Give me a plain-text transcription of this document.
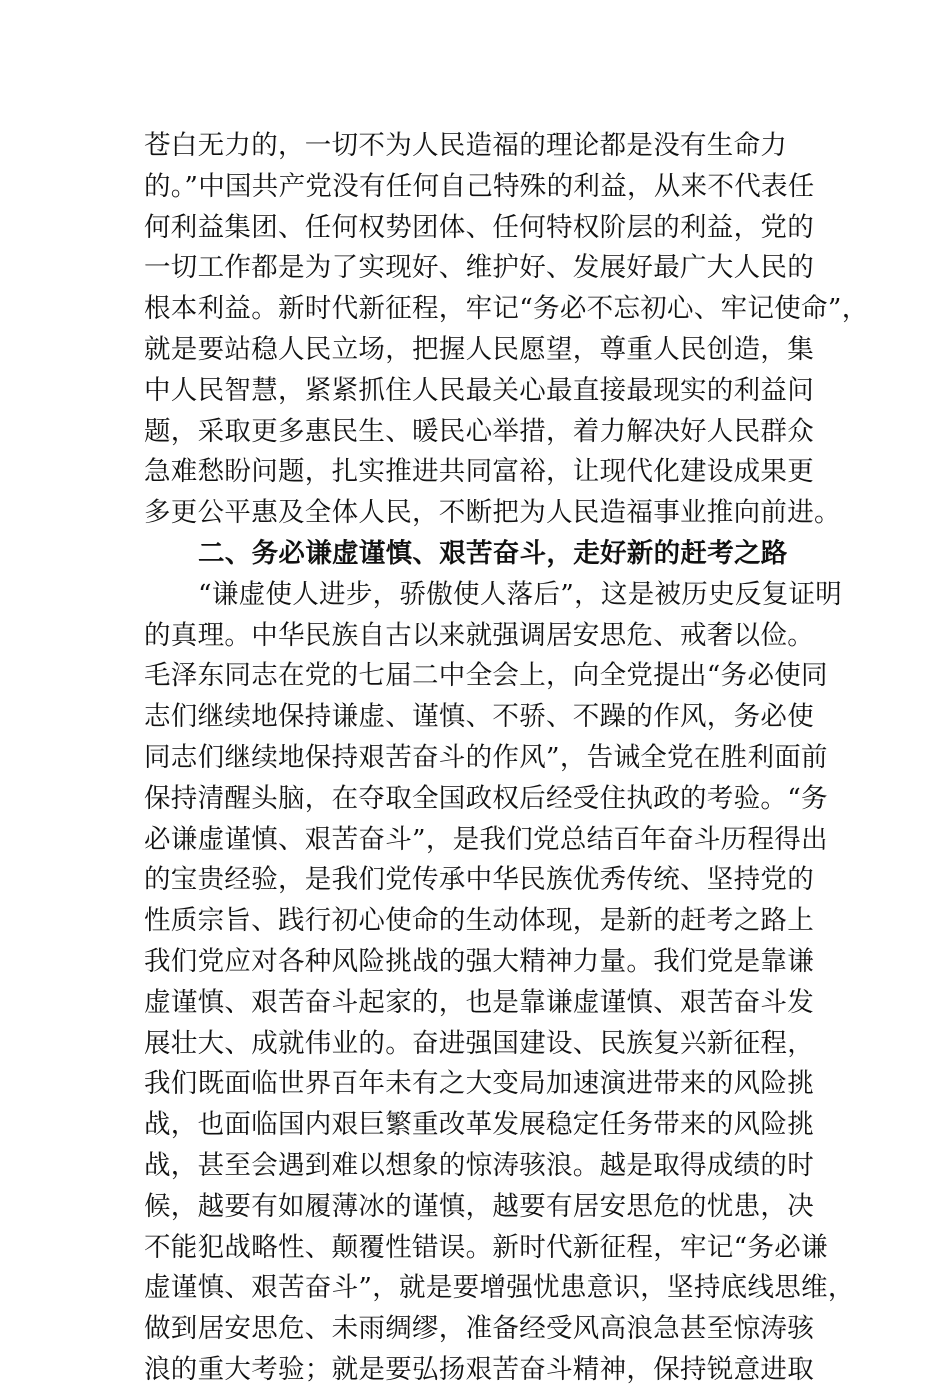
苍白无力的，一切不为人民造福的理论都是没有生命力
的。”中国共产党没有任何自己特殊的利益，从来不代表任
何利益集团、任何权势团体、任何特权阶层的利益，党的
一切工作都是为了实现好、维护好、发展好最广大人民的
根本利益。新时代新征程，牢记“务必不忘初心、牢记使命”，
就是要站稳人民立场，把握人民愿望，尊重人民创造，集
中人民智慧，紧紧抓住人民最关心最直接最现实的利益问
题，采取更多惠民生、暖民心举措，着力解决好人民群众
急难愁盼问题，扎实推进共同富裕，让现代化建设成果更
多更公平惠及全体人民，不断把为人民造福事业推向前进。
二、务必谦虚谨慎、艰苦奋斗，走好新的赶考之路
“谦虚使人进步，骄傲使人落后”，这是被历史反复证明
的真理。中华民族自古以来就强调居安思危、戒奢以俭。
毛泽东同志在党的七届二中全会上，向全党提出“务必使同
志们继续地保持谦虚、谨慎、不骄、不躁的作风，务必使
同志们继续地保持艰苦奋斗的作风”，告诫全党在胜利面前
保持清醒头脑，在夺取全国政权后经受住执政的考验。“务
必谦虚谨慎、艰苦奋斗”，是我们党总结百年奋斗历程得出
的宝贵经验，是我们党传承中华民族优秀传统、坚持党的
性质宗旨、践行初心使命的生动体现，是新的赶考之路上
我们党应对各种风险挑战的强大精神力量。我们党是靠谦
虚谨慎、艰苦奋斗起家的，也是靠谦虚谨慎、艰苦奋斗发
展壮大、成就伟业的。奋进强国建设、民族复兴新征程，
我们既面临世界百年未有之大变局加速演进带来的风险挑
战，也面临国内艰巨繁重改革发展稳定任务带来的风险挑
战，甚至会遇到难以想象的惊涛骇浪。越是取得成绩的时
候，越要有如履薄冰的谨慎，越要有居安思危的忧患，决
不能犯战略性、颠覆性错误。新时代新征程，牢记“务必谦
虚谨慎、艰苦奋斗”，就是要增强忧患意识，坚持底线思维，
做到居安思危、未雨绸缪，准备经受风高浪急甚至惊涛骇
浪的重大考验；就是要弘扬艰苦奋斗精神，保持锐意进取
